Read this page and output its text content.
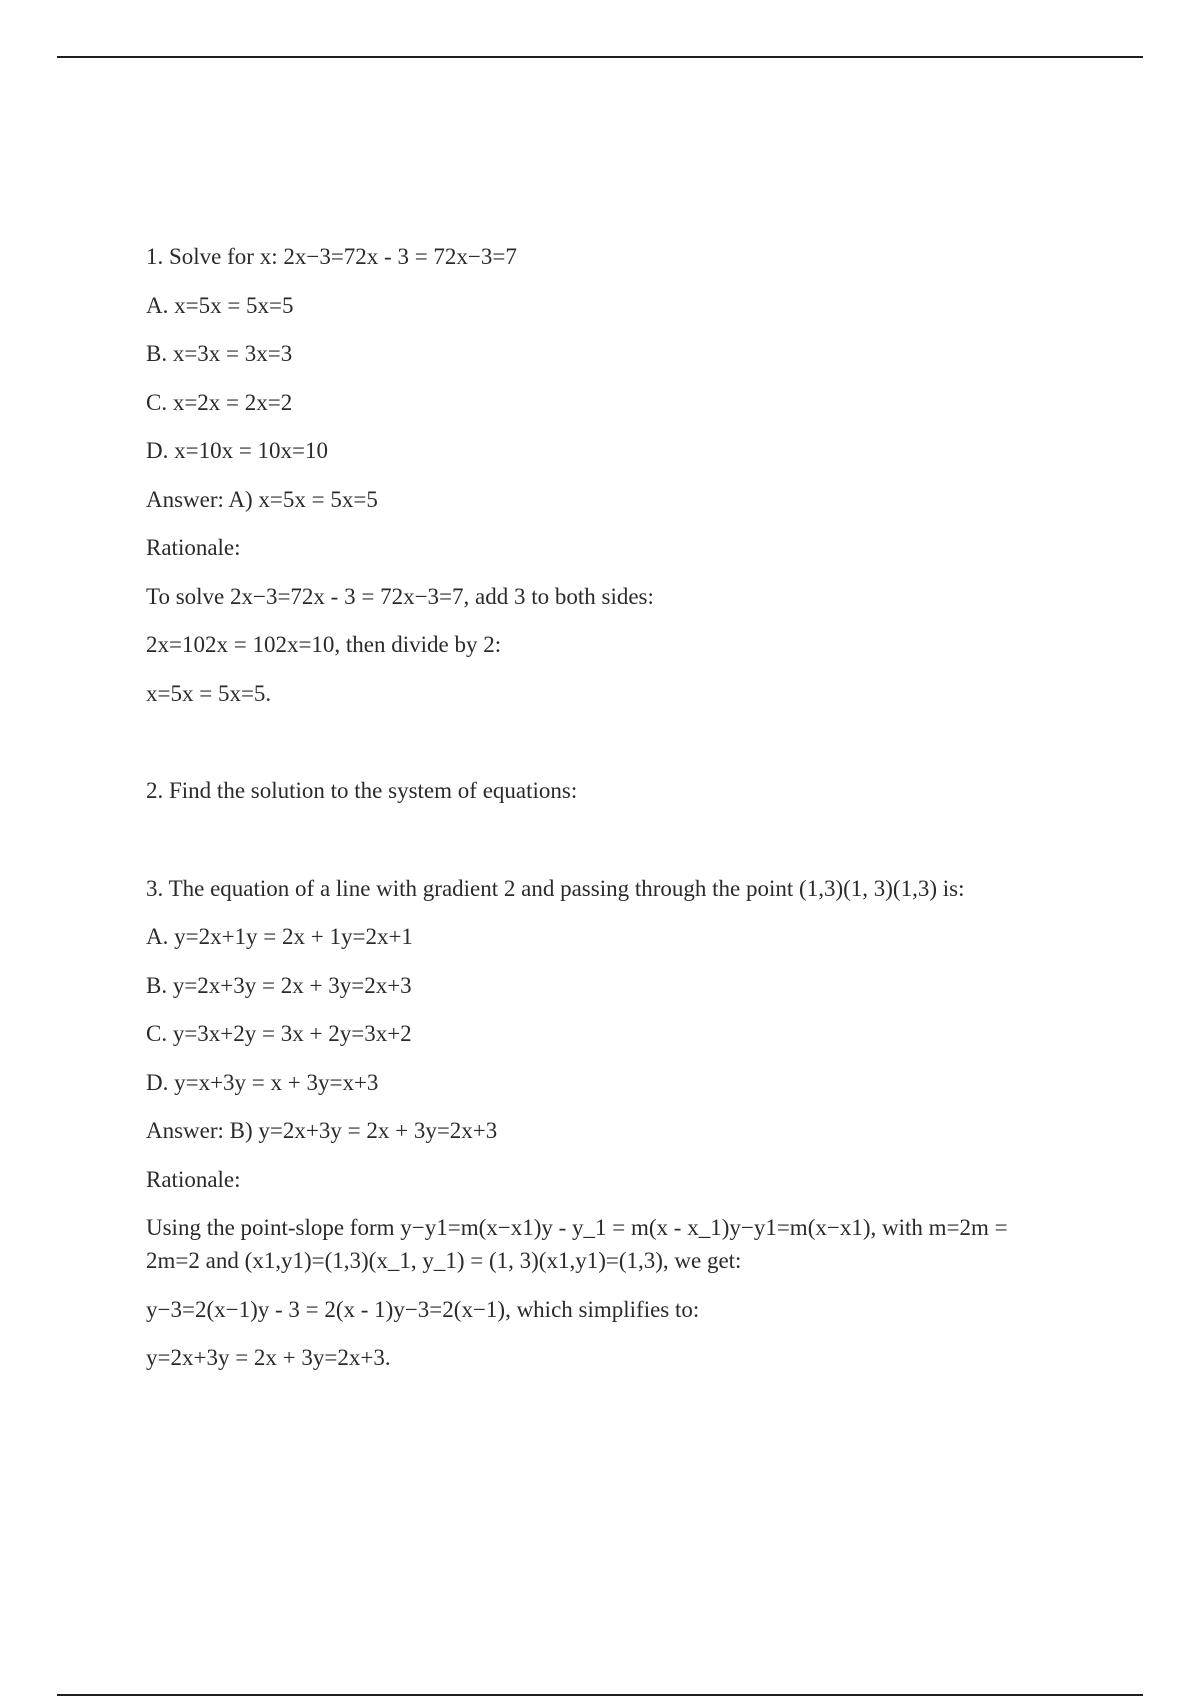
1. Solve for x: 2x−3=72x - 3 = 72x−3=7

A. x=5x = 5x=5

B. x=3x = 3x=3

C. x=2x = 2x=2

D. x=10x = 10x=10

Answer: A) x=5x = 5x=5

Rationale:

To solve 2x−3=72x - 3 = 72x−3=7, add 3 to both sides:

2x=102x = 102x=10, then divide by 2:

x=5x = 5x=5.

2. Find the solution to the system of equations:

3. The equation of a line with gradient 2 and passing through the point (1,3)(1, 3)(1,3) is:

A. y=2x+1y = 2x + 1y=2x+1

B. y=2x+3y = 2x + 3y=2x+3

C. y=3x+2y = 3x + 2y=3x+2

D. y=x+3y = x + 3y=x+3

Answer: B) y=2x+3y = 2x + 3y=2x+3

Rationale:

Using the point-slope form y−y1=m(x−x1)y - y_1 = m(x - x_1)y−y1=m(x−x1), with m=2m = 2m=2 and (x1,y1)=(1,3)(x_1, y_1) = (1, 3)(x1,y1)=(1,3), we get:

y−3=2(x−1)y - 3 = 2(x - 1)y−3=2(x−1), which simplifies to:

y=2x+3y = 2x + 3y=2x+3.
